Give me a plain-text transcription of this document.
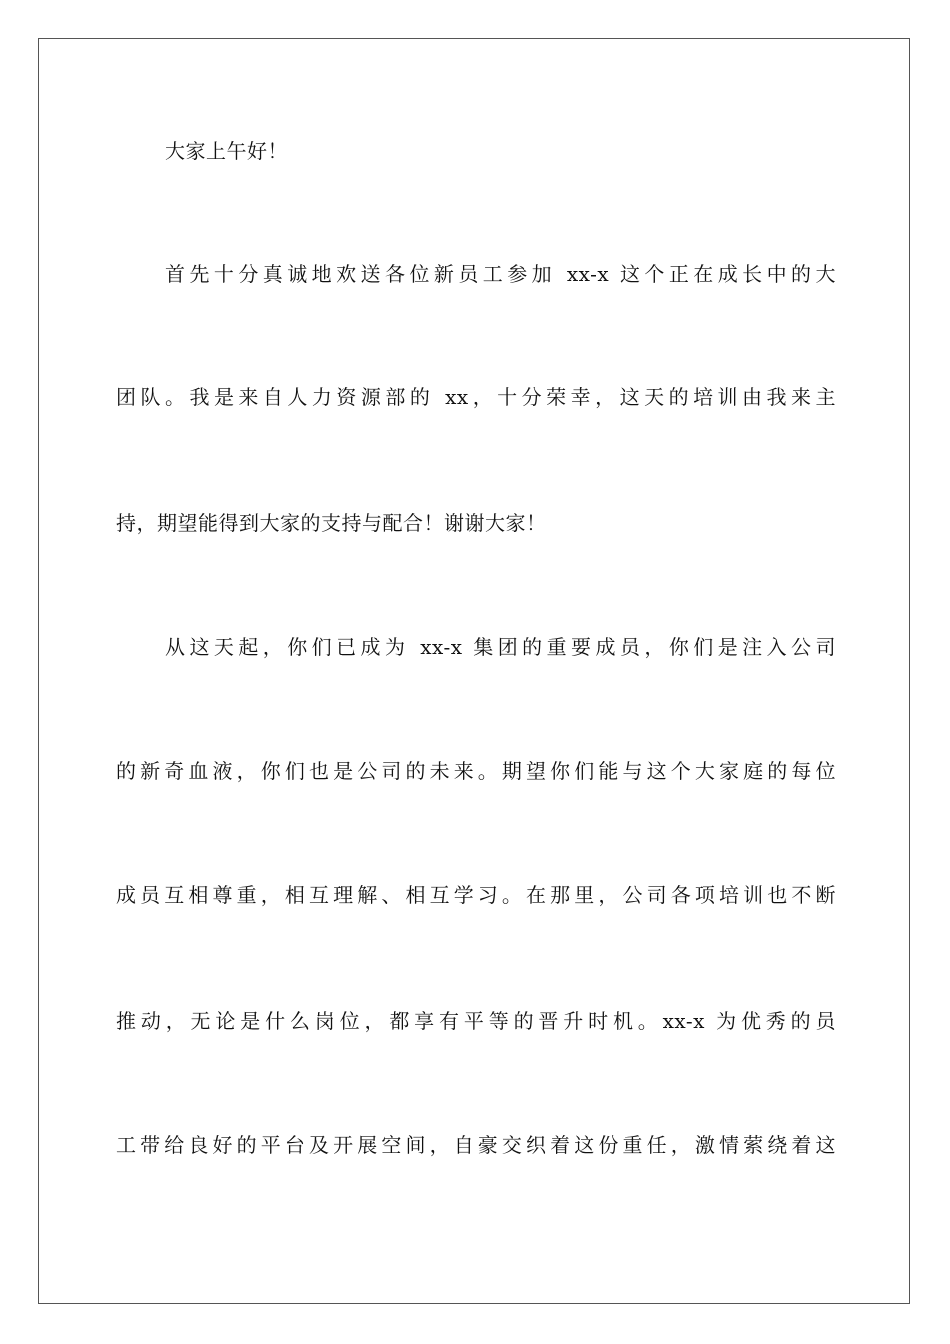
大家上午好！
首先十分真诚地欢送各位新员工参加 xx-x 这个正在成长中的大
团队。我是来自人力资源部的 xx，十分荣幸，这天的培训由我来主
持，期望能得到大家的支持与配合！谢谢大家！
从这天起，你们已成为 xx-x 集团的重要成员，你们是注入公司
的新奇血液，你们也是公司的未来。期望你们能与这个大家庭的每位
成员互相尊重，相互理解、相互学习。在那里，公司各项培训也不断
推动，无论是什么岗位，都享有平等的晋升时机。xx-x 为优秀的员
工带给良好的平台及开展空间，自豪交织着这份重任，激情萦绕着这
